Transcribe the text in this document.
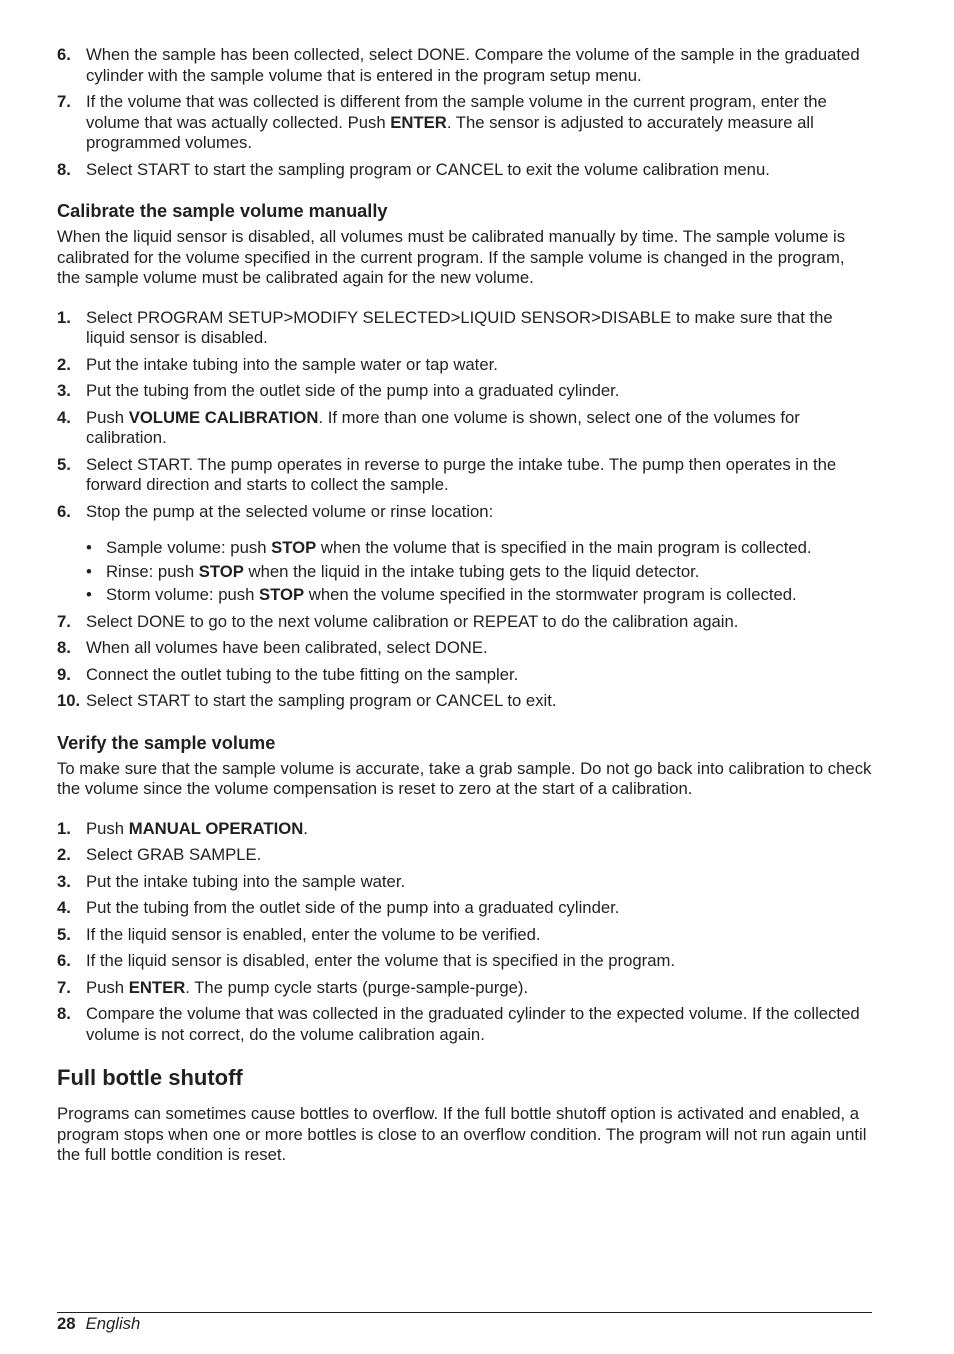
6. When the sample has been collected, select DONE. Compare the volume of the sample in the graduated cylinder with the sample volume that is entered in the program setup menu.
7. If the volume that was collected is different from the sample volume in the current program, enter the volume that was actually collected. Push ENTER. The sensor is adjusted to accurately measure all programmed volumes.
8. Select START to start the sampling program or CANCEL to exit the volume calibration menu.
Calibrate the sample volume manually

When the liquid sensor is disabled, all volumes must be calibrated manually by time. The sample volume is calibrated for the volume specified in the current program. If the sample volume is changed in the program, the sample volume must be calibrated again for the new volume.

1. Select PROGRAM SETUP>MODIFY SELECTED>LIQUID SENSOR>DISABLE to make sure that the liquid sensor is disabled.
2. Put the intake tubing into the sample water or tap water.
3. Put the tubing from the outlet side of the pump into a graduated cylinder.
4. Push VOLUME CALIBRATION. If more than one volume is shown, select one of the volumes for calibration.
5. Select START. The pump operates in reverse to purge the intake tube. The pump then operates in the forward direction and starts to collect the sample.
6. Stop the pump at the selected volume or rinse location:
• Sample volume: push STOP when the volume that is specified in the main program is collected.
• Rinse: push STOP when the liquid in the intake tubing gets to the liquid detector.
• Storm volume: push STOP when the volume specified in the stormwater program is collected.
7. Select DONE to go to the next volume calibration or REPEAT to do the calibration again.
8. When all volumes have been calibrated, select DONE.
9. Connect the outlet tubing to the tube fitting on the sampler.
10. Select START to start the sampling program or CANCEL to exit.
Verify the sample volume

To make sure that the sample volume is accurate, take a grab sample. Do not go back into calibration to check the volume since the volume compensation is reset to zero at the start of a calibration.

1. Push MANUAL OPERATION.
2. Select GRAB SAMPLE.
3. Put the intake tubing into the sample water.
4. Put the tubing from the outlet side of the pump into a graduated cylinder.
5. If the liquid sensor is enabled, enter the volume to be verified.
6. If the liquid sensor is disabled, enter the volume that is specified in the program.
7. Push ENTER. The pump cycle starts (purge-sample-purge).
8. Compare the volume that was collected in the graduated cylinder to the expected volume. If the collected volume is not correct, do the volume calibration again.
Full bottle shutoff

Programs can sometimes cause bottles to overflow. If the full bottle shutoff option is activated and enabled, a program stops when one or more bottles is close to an overflow condition. The program will not run again until the full bottle condition is reset.

28 English
